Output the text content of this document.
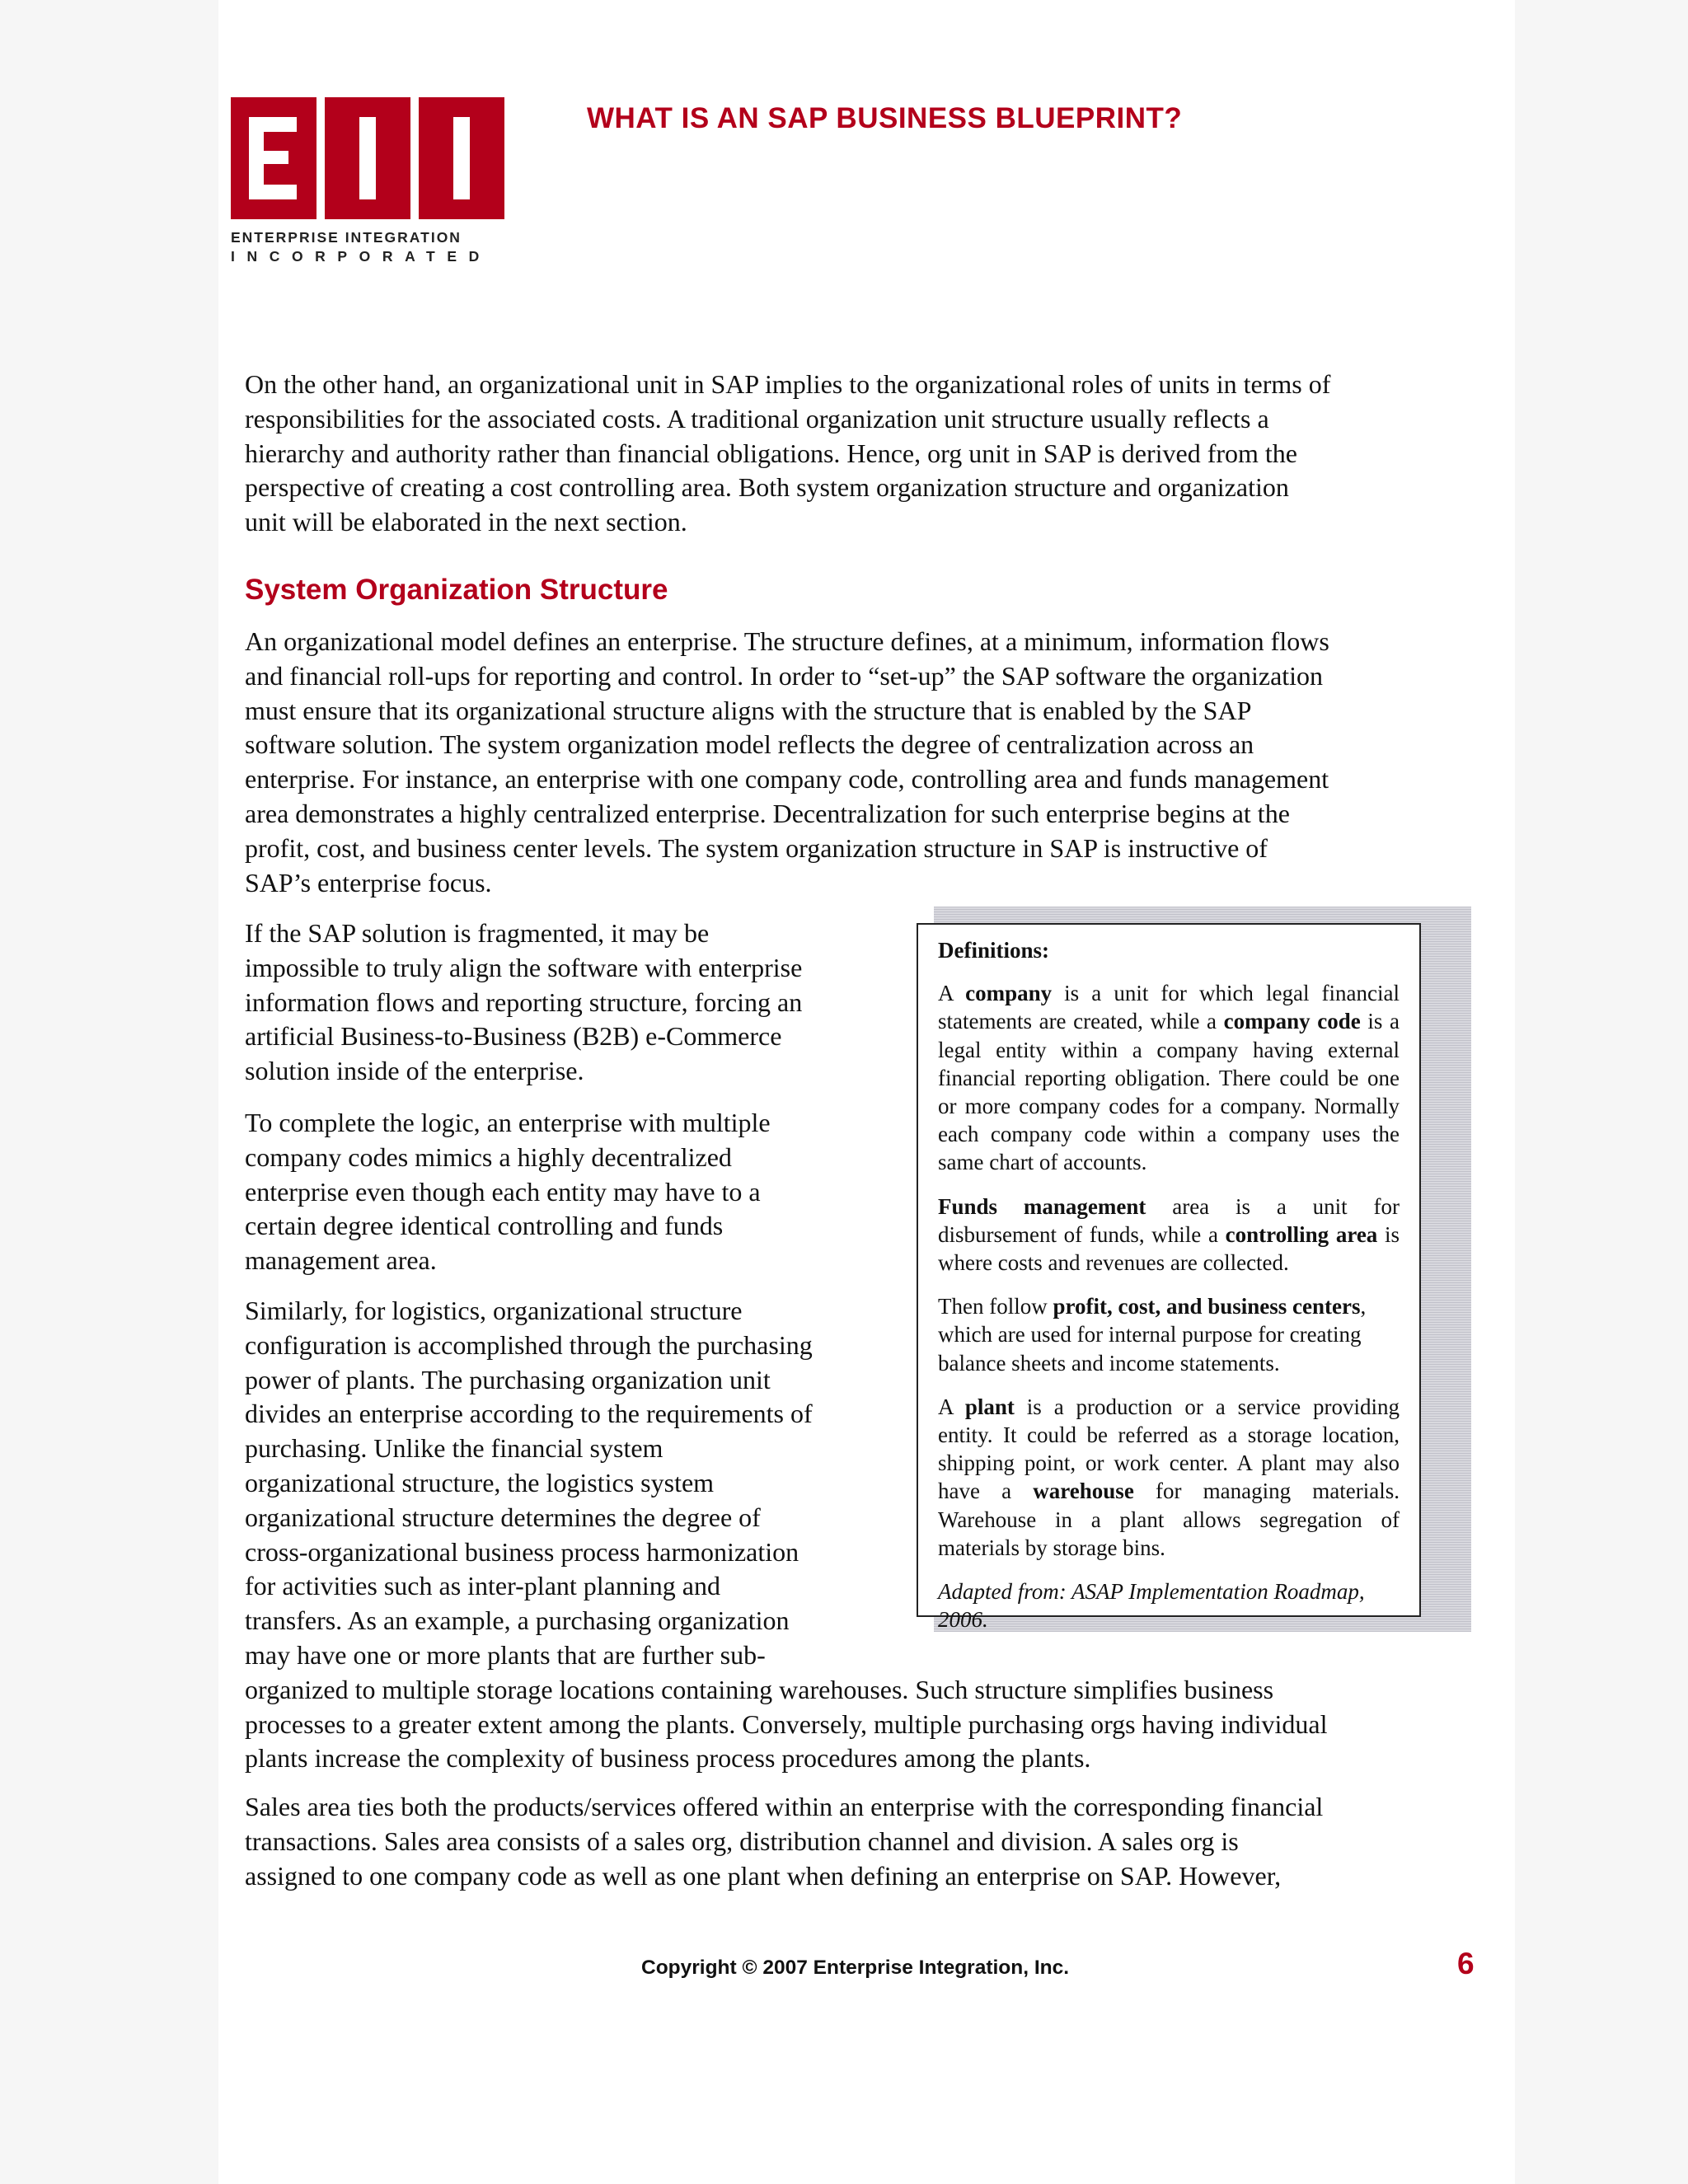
ENTERPRISE INTEGRATION
INCORPORATED
WHAT IS AN SAP BUSINESS BLUEPRINT?
On the other hand, an organizational unit in SAP implies to the organizational roles of units in terms of
responsibilities for the associated costs. A traditional organization unit structure usually reflects a
hierarchy and authority rather than financial obligations. Hence, org unit in SAP is derived from the
perspective of creating a cost controlling area. Both system organization structure and organization
unit will be elaborated in the next section.
System Organization Structure
An organizational model defines an enterprise. The structure defines, at a minimum, information flows
and financial roll-ups for reporting and control. In order to “set-up” the SAP software the organization
must ensure that its organizational structure aligns with the structure that is enabled by the SAP
software solution. The system organization model reflects the degree of centralization across an
enterprise. For instance, an enterprise with one company code, controlling area and funds management
area demonstrates a highly centralized enterprise. Decentralization for such enterprise begins at the
profit, cost, and business center levels. The system organization structure in SAP is instructive of
SAP’s enterprise focus.
If the SAP solution is fragmented, it may be
impossible to truly align the software with enterprise
information flows and reporting structure, forcing an
artificial Business-to-Business (B2B) e-Commerce
solution inside of the enterprise.
To complete the logic, an enterprise with multiple
company codes mimics a highly decentralized
enterprise even though each entity may have to a
certain degree identical controlling and funds
management area.
Similarly, for logistics, organizational structure
configuration is accomplished through the purchasing
power of plants. The purchasing organization unit
divides an enterprise according to the requirements of
purchasing. Unlike the financial system
organizational structure, the logistics system
organizational structure determines the degree of
cross-organizational business process harmonization
for activities such as inter-plant planning and
transfers. As an example, a purchasing organization
may have one or more plants that are further sub-
organized to multiple storage locations containing warehouses. Such structure simplifies business
processes to a greater extent among the plants. Conversely, multiple purchasing orgs having individual
plants increase the complexity of business process procedures among the plants.
Sales area ties both the products/services offered within an enterprise with the corresponding financial
transactions. Sales area consists of a sales org, distribution channel and division. A sales org is
assigned to one company code as well as one plant when defining an enterprise on SAP. However,

Definitions:

A company is a unit for which legal financial statements are created, while a company code is a legal entity within a company having external financial reporting obligation. There could be one or more company codes for a company. Normally each company code within a company uses the same chart of accounts.

Funds management area is a unit for disbursement of funds, while a controlling area is where costs and revenues are collected.

Then follow profit, cost, and business centers, which are used for internal purpose for creating balance sheets and income statements.

A plant is a production or a service providing entity. It could be referred as a storage location, shipping point, or work center. A plant may also have a warehouse for managing materials. Warehouse in a plant allows segregation of materials by storage bins.

Adapted from: ASAP Implementation Roadmap, 2006.

Copyright © 2007 Enterprise Integration, Inc.	6
